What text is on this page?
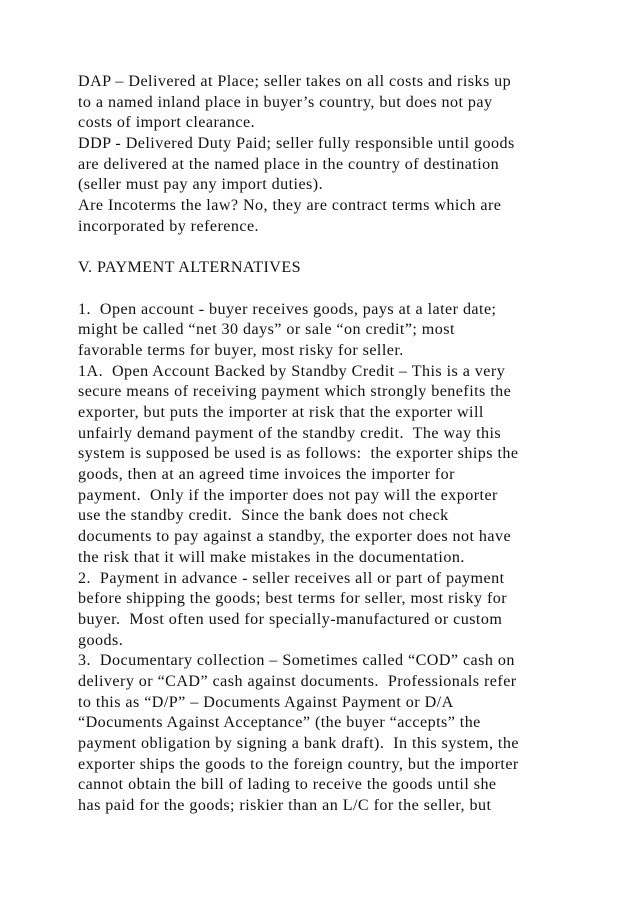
DAP – Delivered at Place; seller takes on all costs and risks up
to a named inland place in buyer’s country, but does not pay
costs of import clearance.
DDP - Delivered Duty Paid; seller fully responsible until goods
are delivered at the named place in the country of destination
(seller must pay any import duties).
Are Incoterms the law? No, they are contract terms which are
incorporated by reference.
V. PAYMENT ALTERNATIVES
1.  Open account - buyer receives goods, pays at a later date;
might be called “net 30 days” or sale “on credit”; most
favorable terms for buyer, most risky for seller.
1A.  Open Account Backed by Standby Credit – This is a very
secure means of receiving payment which strongly benefits the
exporter, but puts the importer at risk that the exporter will
unfairly demand payment of the standby credit.  The way this
system is supposed be used is as follows:  the exporter ships the
goods, then at an agreed time invoices the importer for
payment.  Only if the importer does not pay will the exporter
use the standby credit.  Since the bank does not check
documents to pay against a standby, the exporter does not have
the risk that it will make mistakes in the documentation.
2.  Payment in advance - seller receives all or part of payment
before shipping the goods; best terms for seller, most risky for
buyer.  Most often used for specially-manufactured or custom
goods.
3.  Documentary collection – Sometimes called “COD” cash on
delivery or “CAD” cash against documents.  Professionals refer
to this as “D/P” – Documents Against Payment or D/A
“Documents Against Acceptance” (the buyer “accepts” the
payment obligation by signing a bank draft).  In this system, the
exporter ships the goods to the foreign country, but the importer
cannot obtain the bill of lading to receive the goods until she
has paid for the goods; riskier than an L/C for the seller, but
